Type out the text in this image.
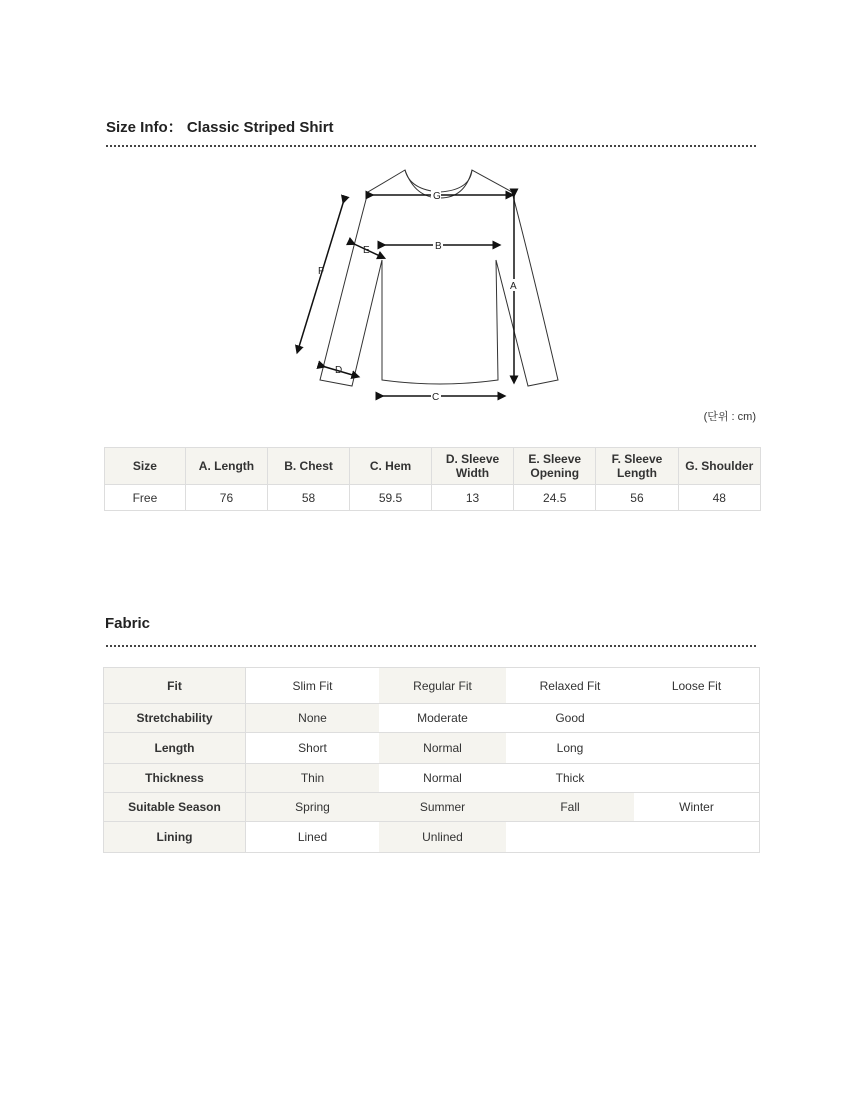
Size Info： Classic Striped Shirt
G
B
A
C
E
F
D
(단위 : cm)
Size	A. Length	B. Chest	C. Hem	D. Sleeve Width	E. Sleeve Opening	F. Sleeve Length	G. Shoulder
Free	76	58	59.5	13	24.5	56	48
Fabric
Fit	Slim Fit	Regular Fit	Relaxed Fit	Loose Fit
Stretchability	None	Moderate	Good	
Length	Short	Normal	Long	
Thickness	Thin	Normal	Thick	
Suitable Season	Spring	Summer	Fall	Winter
Lining	Lined	Unlined		
